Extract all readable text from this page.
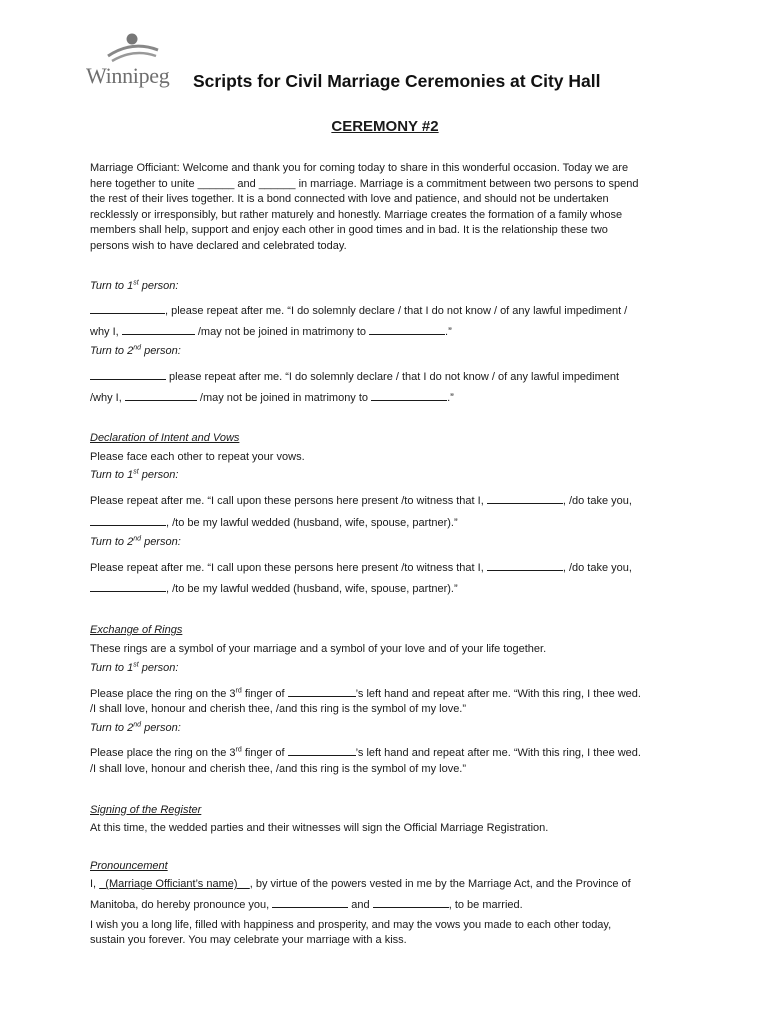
Winnipeg Scripts for Civil Marriage Ceremonies at City Hall
CEREMONY #2

Marriage Officiant: Welcome and thank you for coming today to share in this wonderful occasion. Today we are

here together to unite ______ and ______ in marriage. Marriage is a commitment between two persons to spend

the rest of their lives together. It is a bond connected with love and patience, and should not be undertaken

recklessly or irresponsibly, but rather maturely and honestly. Marriage creates the formation of a family whose

members shall help, support and enjoy each other in good times and in bad. It is the relationship these two

persons wish to have declared and celebrated today.

Turn to 1st person:

, please repeat after me. “I do solemnly declare / that I do not know / of any lawful impediment /

why I,	/may not be joined in matrimony to	.”

Turn to 2nd person:

please repeat after me. “I do solemnly declare / that I do not know / of any lawful impediment

/why I,	/may not be joined in matrimony to	.”

Declaration of Intent and Vows

Please face each other to repeat your vows.

Turn to 1st person:

Please repeat after me. “I call upon these persons here present /to witness that I,	, /do take you,

, /to be my lawful wedded (husband, wife, spouse, partner).”

Turn to 2nd person:

Please repeat after me. “I call upon these persons here present /to witness that I,	, /do take you,

, /to be my lawful wedded (husband, wife, spouse, partner).”

Exchange of Rings

These rings are a symbol of your marriage and a symbol of your love and of your life together.

Turn to 1st person:

Please place the ring on the 3rd finger of	’s left hand and repeat after me. “With this ring, I thee wed.

/I shall love, honour and cherish thee, /and this ring is the symbol of my love.”

Turn to 2nd person:

Please place the ring on the 3rd finger of	’s left hand and repeat after me. “With this ring, I thee wed.

/I shall love, honour and cherish thee, /and this ring is the symbol of my love.”

Signing of the Register

At this time, the wedded parties and their witnesses will sign the Official Marriage Registration.

Pronouncement

I,   (Marriage Officiant’s name)    , by virtue of the powers vested in me by the Marriage Act, and the Province of

Manitoba, do hereby pronounce you,	and	, to be married.

I wish you a long life, filled with happiness and prosperity, and may the vows you made to each other today,

sustain you forever. You may celebrate your marriage with a kiss.
